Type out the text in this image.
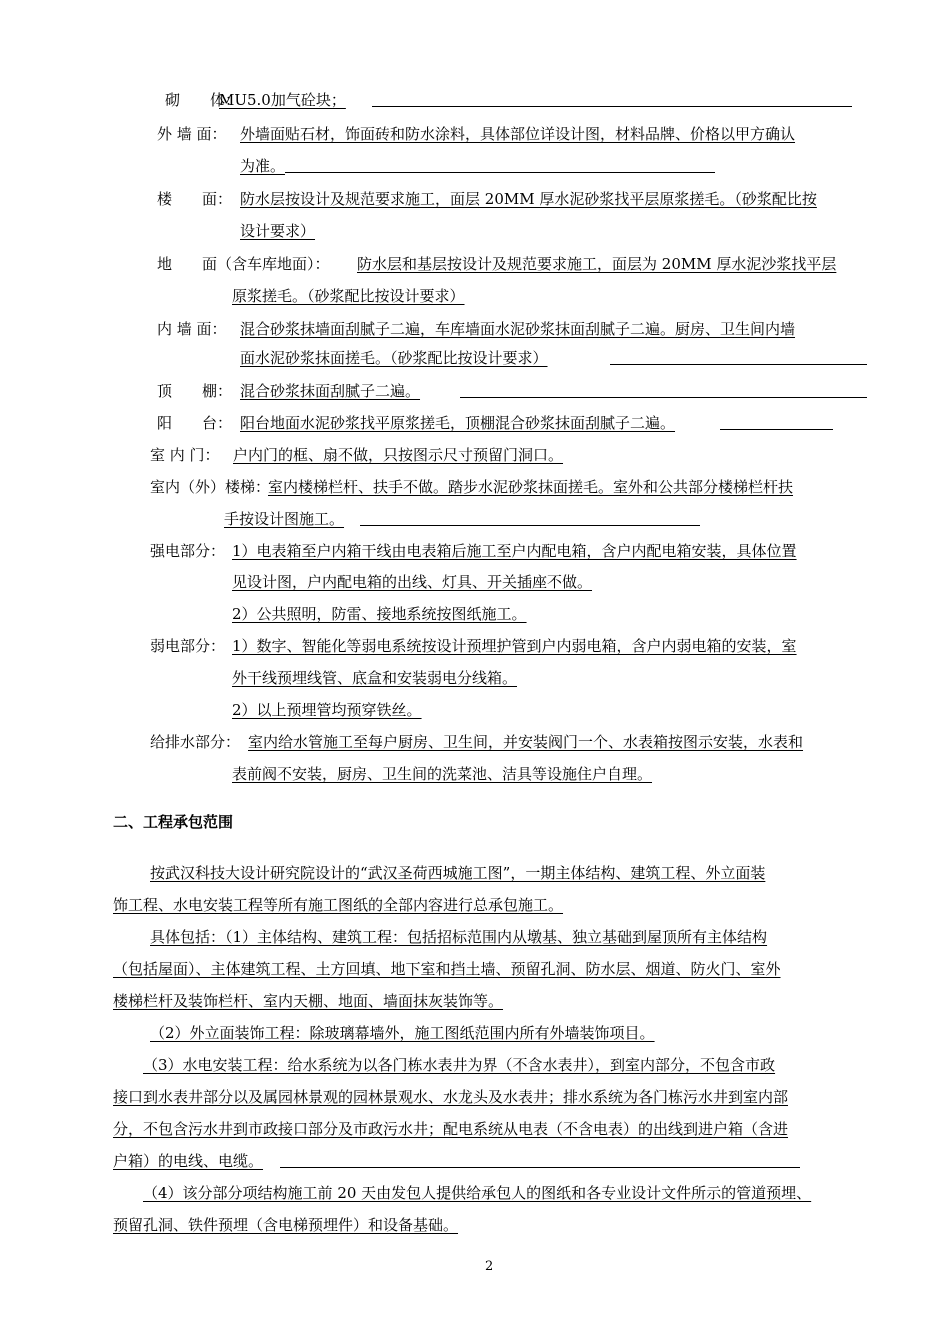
砌　　体：
MU5.0加气砼块；
外 墙 面： 外墙面贴石材，饰面砖和防水涂料，具体部位详设计图，材料品牌、价格以甲方确认
为准。
楼　　面： 防水层按设计及规范要求施工，面层 20MM 厚水泥砂浆找平层原浆搓毛。（砂浆配比按
设计要求）
地　　面（含车库地面）： 防水层和基层按设计及规范要求施工，面层为 20MM 厚水泥沙浆找平层
原浆搓毛。（砂浆配比按设计要求）
内 墙 面： 混合砂浆抹墙面刮腻子二遍，车库墙面水泥砂浆抹面刮腻子二遍。厨房、卫生间内墙
面水泥砂浆抹面搓毛。（砂浆配比按设计要求）
顶　　棚： 混合砂浆抹面刮腻子二遍。
阳　　台： 阳台地面水泥砂浆找平原浆搓毛，顶棚混合砂浆抹面刮腻子二遍。
室 内 门： 户内门的框、扇不做，只按图示尺寸预留门洞口。
室内（外）楼梯：
室内楼梯栏杆、扶手不做。踏步水泥砂浆抹面搓毛。室外和公共部分楼梯栏杆扶
手按设计图施工。
强电部分： 1）电表箱至户内箱干线由电表箱后施工至户内配电箱，含户内配电箱安装，具体位置
见设计图，户内配电箱的出线、灯具、开关插座不做。
2）公共照明，防雷、接地系统按图纸施工。
弱电部分： 1）数字、智能化等弱电系统按设计预埋护管到户内弱电箱，含户内弱电箱的安装，室
外干线预埋线管、底盒和安装弱电分线箱。
2）以上预埋管均预穿铁丝。
给排水部分： 室内给水管施工至每户厨房、卫生间，并安装阀门一个、水表箱按图示安装，水表和
表前阀不安装，厨房、卫生间的洗菜池、洁具等设施住户自理。
二、工程承包范围
按武汉科技大设计研究院设计的“武汉圣荷西城施工图”，一期主体结构、建筑工程、外立面装
饰工程、水电安装工程等所有施工图纸的全部内容进行总承包施工。
具体包括：（1）主体结构、建筑工程：包括招标范围内从墩基、独立基础到屋顶所有主体结构
（包括屋面）、主体建筑工程、土方回填、地下室和挡土墙、预留孔洞、防水层、烟道、防火门、室外
楼梯栏杆及装饰栏杆、室内天棚、地面、墙面抹灰装饰等。
（2）外立面装饰工程：除玻璃幕墙外，施工图纸范围内所有外墙装饰项目。
（3）水电安装工程：给水系统为以各门栋水表井为界（不含水表井），到室内部分，不包含市政
接口到水表井部分以及属园林景观的园林景观水、水龙头及水表井；排水系统为各门栋污水井到室内部
分，不包含污水井到市政接口部分及市政污水井；配电系统从电表（不含电表）的出线到进户箱（含进
户箱）的电线、电缆。
（4）该分部分项结构施工前 20 天由发包人提供给承包人的图纸和各专业设计文件所示的管道预埋、
预留孔洞、铁件预埋（含电梯预埋件）和设备基础。
2
